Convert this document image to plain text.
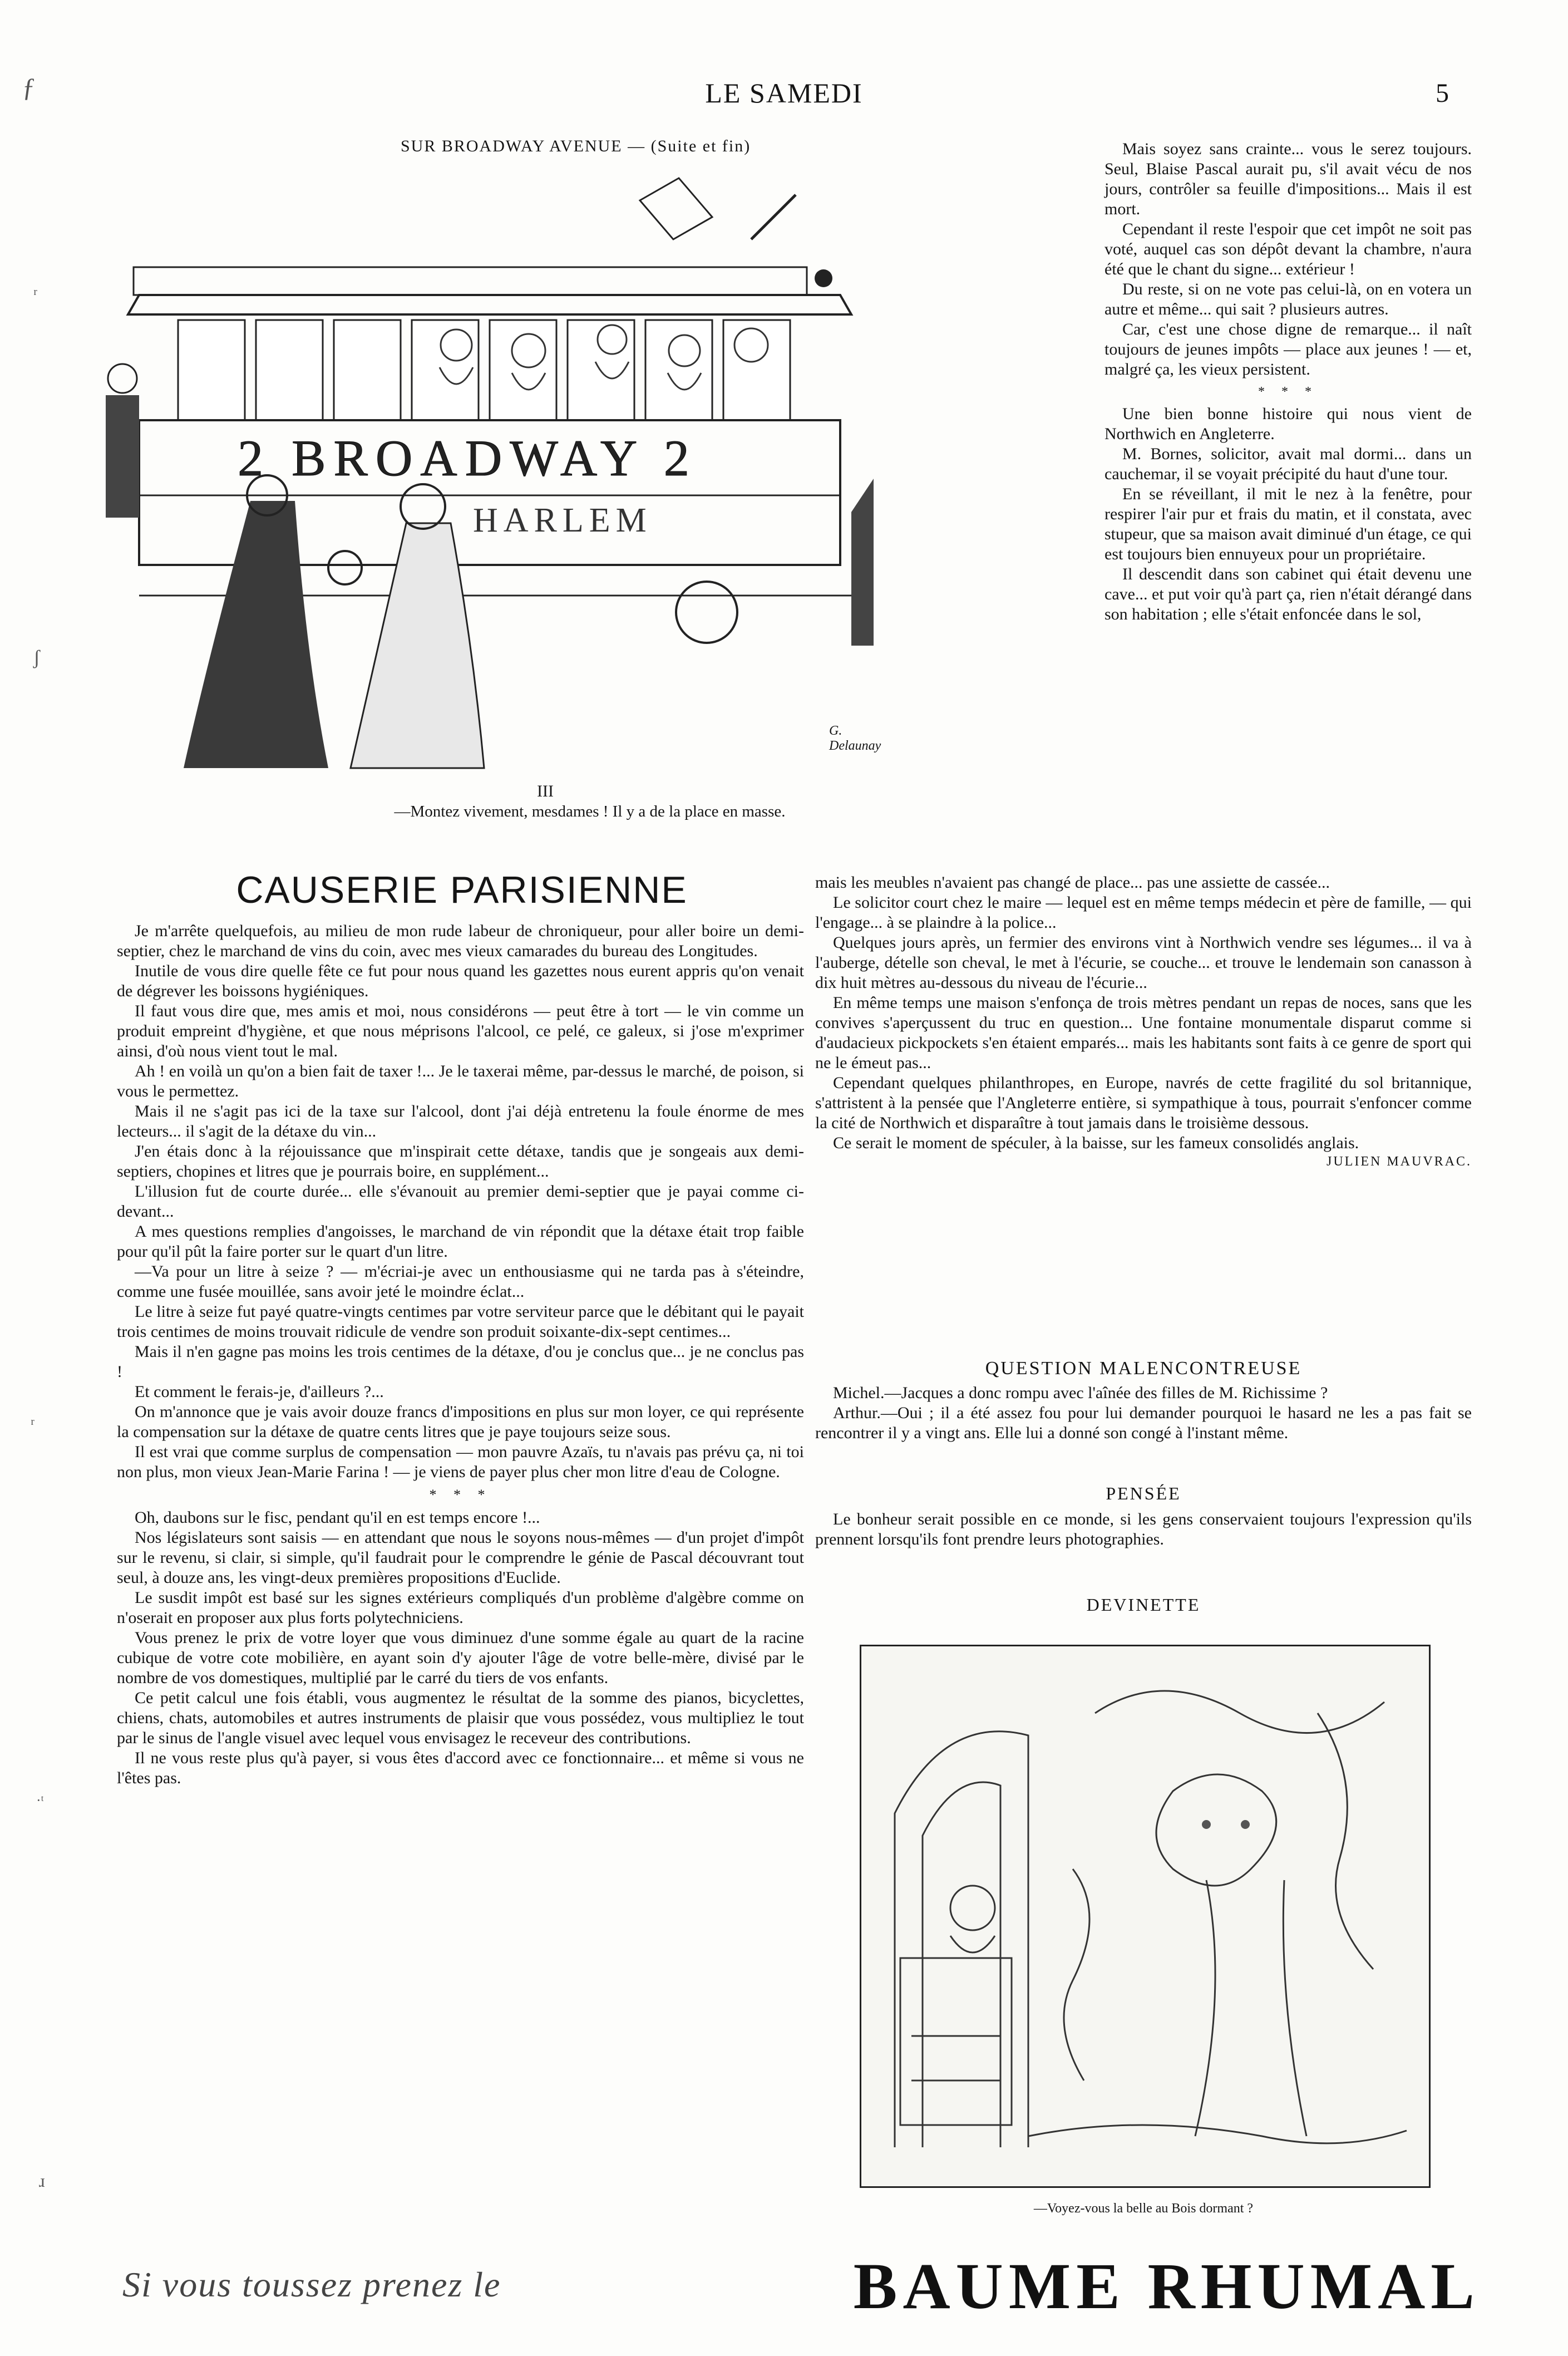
LE SAMEDI	5
SUR BROADWAY AVENUE — (Suite et fin)
2 BROADWAY 2
HARLEM
G. Delaunay
III
—Montez vivement, mesdames ! Il y a de la place en masse.
CAUSERIE PARISIENNE

Je m'arrête quelquefois, au milieu de mon rude labeur de chroniqueur, pour aller boire un demi-septier, chez le marchand de vins du coin, avec mes vieux camarades du bureau des Longitudes.

Inutile de vous dire quelle fête ce fut pour nous quand les gazettes nous eurent appris qu'on venait de dégrever les boissons hygiéniques.

Il faut vous dire que, mes amis et moi, nous considérons — peut être à tort — le vin comme un produit empreint d'hygiène, et que nous méprisons l'alcool, ce pelé, ce galeux, si j'ose m'exprimer ainsi, d'où nous vient tout le mal.

Ah ! en voilà un qu'on a bien fait de taxer !... Je le taxerai même, par-dessus le marché, de poison, si vous le permettez.

Mais il ne s'agit pas ici de la taxe sur l'alcool, dont j'ai déjà entretenu la foule énorme de mes lecteurs... il s'agit de la détaxe du vin...

J'en étais donc à la réjouissance que m'inspirait cette détaxe, tandis que je songeais aux demi-septiers, chopines et litres que je pourrais boire, en supplément...

L'illusion fut de courte durée... elle s'évanouit au premier demi-septier que je payai comme ci-devant...

A mes questions remplies d'angoisses, le marchand de vin répondit que la détaxe était trop faible pour qu'il pût la faire porter sur le quart d'un litre.

—Va pour un litre à seize ? — m'écriai-je avec un enthousiasme qui ne tarda pas à s'éteindre, comme une fusée mouillée, sans avoir jeté le moindre éclat...

Le litre à seize fut payé quatre-vingts centimes par votre serviteur parce que le débitant qui le payait trois centimes de moins trouvait ridicule de vendre son produit soixante-dix-sept centimes...

Mais il n'en gagne pas moins les trois centimes de la détaxe, d'ou je conclus que... je ne conclus pas !

Et comment le ferais-je, d'ailleurs ?...

On m'annonce que je vais avoir douze francs d'impositions en plus sur mon loyer, ce qui représente la compensation sur la détaxe de quatre cents litres que je paye toujours seize sous.

Il est vrai que comme surplus de compensation — mon pauvre Azaïs, tu n'avais pas prévu ça, ni toi non plus, mon vieux Jean-Marie Farina ! — je viens de payer plus cher mon litre d'eau de Cologne.

* * *

Oh, daubons sur le fisc, pendant qu'il en est temps encore !...

Nos législateurs sont saisis — en attendant que nous le soyons nous-mêmes — d'un projet d'impôt sur le revenu, si clair, si simple, qu'il faudrait pour le comprendre le génie de Pascal découvrant tout seul, à douze ans, les vingt-deux premières propositions d'Euclide.

Le susdit impôt est basé sur les signes extérieurs compliqués d'un problème d'algèbre comme on n'oserait en proposer aux plus forts polytechniciens.

Vous prenez le prix de votre loyer que vous diminuez d'une somme égale au quart de la racine cubique de votre cote mobilière, en ayant soin d'y ajouter l'âge de votre belle-mère, divisé par le nombre de vos domestiques, multiplié par le carré du tiers de vos enfants.

Ce petit calcul une fois établi, vous augmentez le résultat de la somme des pianos, bicyclettes, chiens, chats, automobiles et autres instruments de plaisir que vous possédez, vous multipliez le tout par le sinus de l'angle visuel avec lequel vous envisagez le receveur des contributions.

Il ne vous reste plus qu'à payer, si vous êtes d'accord avec ce fonctionnaire... et même si vous ne l'êtes pas.

Mais soyez sans crainte... vous le serez toujours. Seul, Blaise Pascal aurait pu, s'il avait vécu de nos jours, contrôler sa feuille d'impositions... Mais il est mort.

Cependant il reste l'espoir que cet impôt ne soit pas voté, auquel cas son dépôt devant la chambre, n'aura été que le chant du signe... extérieur !

Du reste, si on ne vote pas celui-là, on en votera un autre et même... qui sait ? plusieurs autres.

Car, c'est une chose digne de remarque... il naît toujours de jeunes impôts — place aux jeunes ! — et, malgré ça, les vieux persistent.

* * *

Une bien bonne histoire qui nous vient de Northwich en Angleterre.

M. Bornes, solicitor, avait mal dormi... dans un cauchemar, il se voyait précipité du haut d'une tour.

En se réveillant, il mit le nez à la fenêtre, pour respirer l'air pur et frais du matin, et il constata, avec stupeur, que sa maison avait diminué d'un étage, ce qui est toujours bien ennuyeux pour un propriétaire.

Il descendit dans son cabinet qui était devenu une cave... et put voir qu'à part ça, rien n'était dérangé dans son habitation ; elle s'était enfoncée dans le sol,

mais les meubles n'avaient pas changé de place... pas une assiette de cassée...

Le solicitor court chez le maire — lequel est en même temps médecin et père de famille, — qui l'engage... à se plaindre à la police...

Quelques jours après, un fermier des environs vint à Northwich vendre ses légumes... il va à l'auberge, dételle son cheval, le met à l'écurie, se couche... et trouve le lendemain son canasson à dix huit mètres au-dessous du niveau de l'écurie...

En même temps une maison s'enfonça de trois mètres pendant un repas de noces, sans que les convives s'aperçussent du truc en question... Une fontaine monumentale disparut comme si d'audacieux pickpockets s'en étaient emparés... mais les habitants sont faits à ce genre de sport qui ne le émeut pas...

Cependant quelques philanthropes, en Europe, navrés de cette fragilité du sol britannique, s'attristent à la pensée que l'Angleterre entière, si sympathique à tous, pourrait s'enfoncer comme la cité de Northwich et disparaître à tout jamais dans le troisième dessous.

Ce serait le moment de spéculer, à la baisse, sur les fameux consolidés anglais.

JULIEN MAUVRAC.
QUESTION MALENCONTREUSE

Michel.—Jacques a donc rompu avec l'aînée des filles de M. Richissime ?

Arthur.—Oui ; il a été assez fou pour lui demander pourquoi le hasard ne les a pas fait se rencontrer il y a vingt ans. Elle lui a donné son congé à l'instant même.

PENSÉE

Le bonheur serait possible en ce monde, si les gens conservaient toujours l'expression qu'ils prennent lorsqu'ils font prendre leurs photographies.

DEVINETTE
—Voyez-vous la belle au Bois dormant ?
ƒ
ʳ
ʃ
ʳ
·ᵗ
ɹ
Si vous toussez prenez le	BAUME RHUMAL
